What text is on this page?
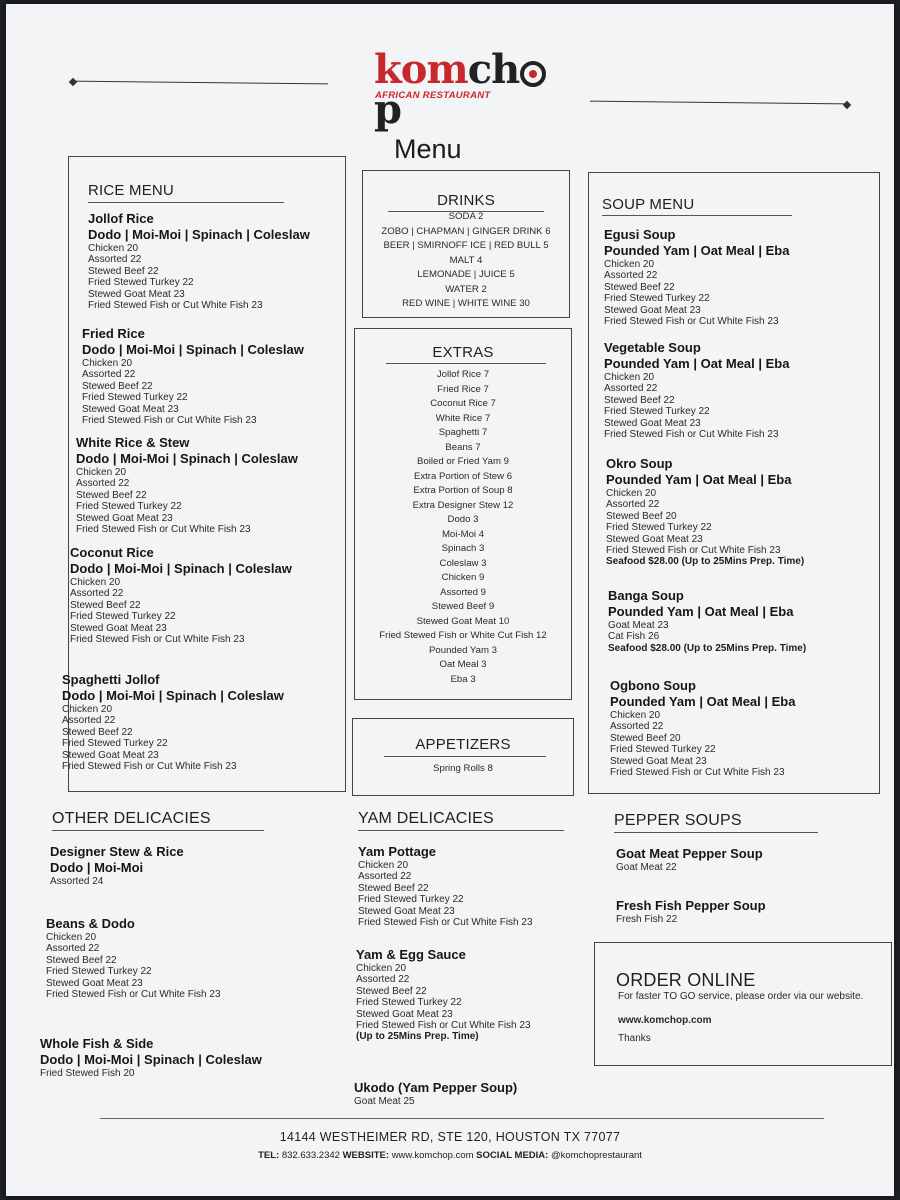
komchp
AFRICAN RESTAURANT
Menu
RICE MENU
Jollof Rice
Dodo | Moi-Moi | Spinach | Coleslaw
Chicken 20
Assorted 22
Stewed Beef 22
Fried Stewed Turkey 22
Stewed Goat Meat 23
Fried Stewed Fish or Cut White Fish 23
Fried Rice
Dodo | Moi-Moi | Spinach | Coleslaw
Chicken 20
Assorted 22
Stewed Beef 22
Fried Stewed Turkey 22
Stewed Goat Meat 23
Fried Stewed Fish or Cut White Fish 23
White Rice & Stew
Dodo | Moi-Moi | Spinach | Coleslaw
Chicken 20
Assorted 22
Stewed Beef 22
Fried Stewed Turkey 22
Stewed Goat Meat 23
Fried Stewed Fish or Cut White Fish 23
Coconut Rice
Dodo | Moi-Moi | Spinach | Coleslaw
Chicken 20
Assorted 22
Stewed Beef 22
Fried Stewed Turkey 22
Stewed Goat Meat 23
Fried Stewed Fish or Cut White Fish 23
Spaghetti Jollof
Dodo | Moi-Moi | Spinach | Coleslaw
Chicken 20
Assorted 22
Stewed Beef 22
Fried Stewed Turkey 22
Stewed Goat Meat 23
Fried Stewed Fish or Cut White Fish 23
DRINKS
SODA 2
ZOBO | CHAPMAN | GINGER DRINK 6
BEER | SMIRNOFF ICE | RED BULL 5
MALT 4
LEMONADE | JUICE 5
WATER 2
RED WINE | WHITE WINE 30
EXTRAS
Jollof Rice 7
Fried Rice 7
Coconut Rice 7
White Rice 7
Spaghetti 7
Beans 7
Boiled or Fried Yam 9
Extra Portion of Stew 6
Extra Portion of Soup 8
Extra Designer Stew 12
Dodo 3
Moi-Moi 4
Spinach 3
Coleslaw 3
Chicken 9
Assorted 9
Stewed Beef 9
Stewed Goat Meat 10
Fried Stewed Fish or White Cut Fish 12
Pounded Yam 3
Oat Meal 3
Eba 3
APPETIZERS
Spring Rolls 8
SOUP MENU
Egusi Soup
Pounded Yam | Oat Meal | Eba
Chicken 20
Assorted 22
Stewed Beef 22
Fried Stewed Turkey 22
Stewed Goat Meat 23
Fried Stewed Fish or Cut White Fish 23
Vegetable Soup
Pounded Yam | Oat Meal | Eba
Chicken 20
Assorted 22
Stewed Beef 22
Fried Stewed Turkey 22
Stewed Goat Meat 23
Fried Stewed Fish or Cut White Fish 23
Okro Soup
Pounded Yam | Oat Meal | Eba
Chicken 20
Assorted 22
Stewed Beef 20
Fried Stewed Turkey 22
Stewed Goat Meat 23
Fried Stewed Fish or Cut White Fish 23
Seafood $28.00 (Up to 25Mins Prep. Time)
Banga Soup
Pounded Yam | Oat Meal | Eba
Goat Meat 23
Cat Fish 26
Seafood $28.00 (Up to 25Mins Prep. Time)
Ogbono Soup
Pounded Yam | Oat Meal | Eba
Chicken 20
Assorted 22
Stewed Beef 20
Fried Stewed Turkey 22
Stewed Goat Meat 23
Fried Stewed Fish or Cut White Fish 23
OTHER DELICACIES
Designer Stew & Rice
Dodo | Moi-Moi
Assorted 24
Beans & Dodo
Chicken 20
Assorted 22
Stewed Beef 22
Fried Stewed Turkey 22
Stewed Goat Meat 23
Fried Stewed Fish or Cut White Fish 23
Whole Fish & Side
Dodo | Moi-Moi | Spinach | Coleslaw
Fried Stewed Fish 20
YAM DELICACIES
Yam Pottage
Chicken 20
Assorted 22
Stewed Beef 22
Fried Stewed Turkey 22
Stewed Goat Meat 23
Fried Stewed Fish or Cut White Fish 23
Yam & Egg Sauce
Chicken 20
Assorted 22
Stewed Beef 22
Fried Stewed Turkey 22
Stewed Goat Meat 23
Fried Stewed Fish or Cut White Fish 23
(Up to 25Mins Prep. Time)
Ukodo (Yam Pepper Soup)
Goat Meat 25
PEPPER SOUPS
Goat Meat Pepper Soup
Goat Meat 22
Fresh Fish Pepper Soup
Fresh Fish 22
ORDER ONLINE
For faster TO GO service, please order via our website.
www.komchop.com
Thanks
14144 WESTHEIMER RD, STE 120, HOUSTON TX 77077
TEL: 832.633.2342 WEBSITE: www.komchop.com SOCIAL MEDIA: @komchoprestaurant
